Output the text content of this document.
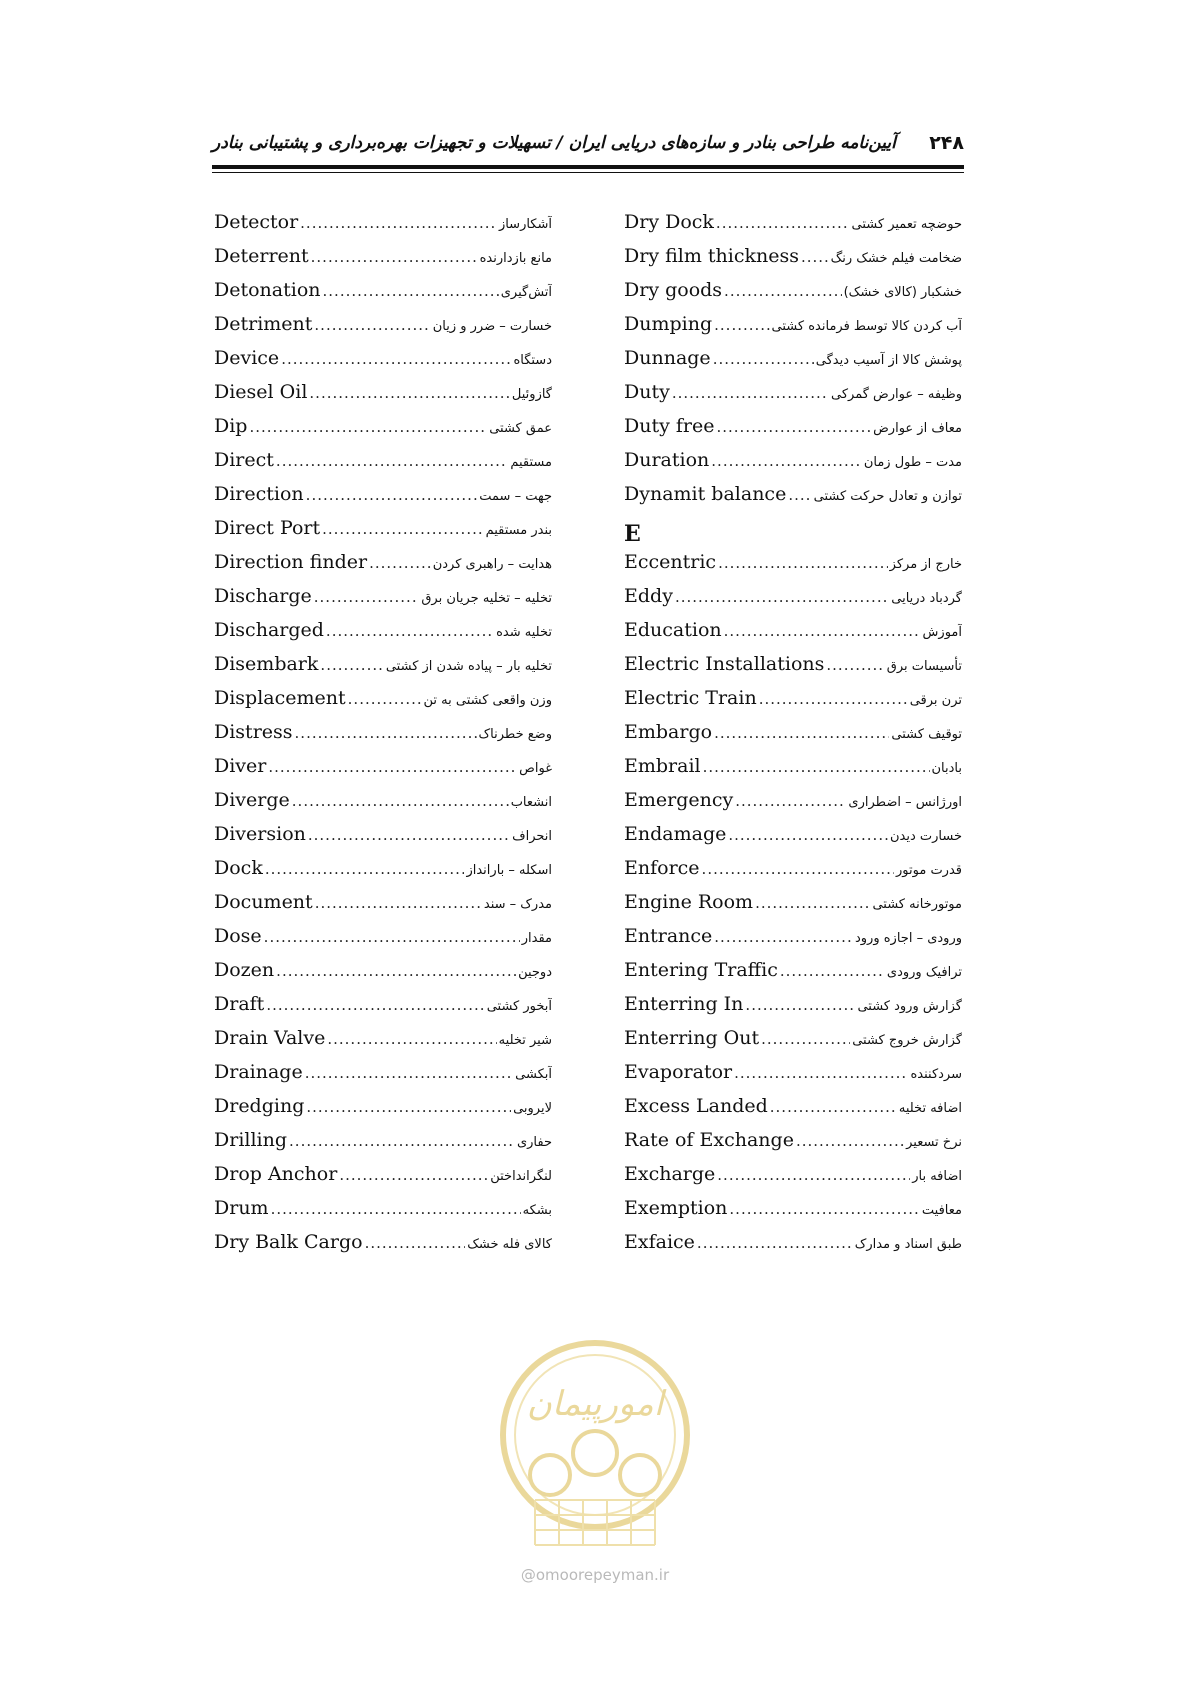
۲۴۸
آیین‌نامه طراحی بنادر و سازه‌های دریایی ایران / تسهیلات و تجهیزات بهره‌برداری و پشتیبانی بنادر
Detector .....	آشکارساز
Deterrent .....	مانع بازدارنده
Detonation .....	آتش‌گیری
Detriment .....	خسارت – ضرر و زیان
Device .....	دستگاه
Diesel Oil .....	گازوئیل
Dip .....	عمق کشتی
Direct .....	مستقیم
Direction .....	جهت – سمت
Direct Port .....	بندر مستقیم
Direction finder .....	هدایت – راهبری کردن
Discharge .....	تخلیه – تخلیه جریان برق
Discharged .....	تخلیه شده
Disembark .....	تخلیه بار – پیاده شدن از کشتی
Displacement .....	وزن واقعی کشتی به تن
Distress .....	وضع خطرناک
Diver .....	غواص
Diverge .....	انشعاب
Diversion .....	انحراف
Dock .....	اسکله – بارانداز
Document .....	مدرک – سند
Dose .....	مقدار
Dozen .....	دوجین
Draft .....	آبخور کشتی
Drain Valve .....	شیر تخلیه
Drainage .....	آبکشی
Dredging .....	لایروبی
Drilling .....	حفاری
Drop Anchor .....	لنگرانداختن
Drum .....	بشکه
Dry Balk Cargo .....	کالای فله خشک
Dry Dock .....	حوضچه تعمیر کشتی
Dry film thickness ..... ضخامت فیلم خشک رنگ
Dry goods .....	خشکبار (کالای خشک)
Dumping .....	آب کردن کالا توسط فرمانده کشتی
Dunnage .....	پوشش کالا از آسیب دیدگی
Duty .....	وظیفه – عوارض گمرکی
Duty free .....	معاف از عوارض
Duration .....	مدت – طول زمان
Dynamit balance ..... توازن و تعادل حرکت کشتی
E
Eccentric .....	خارج از مرکز
Eddy .....	گردباد دریایی
Education .....	آموزش
Electric Installations .....	تأسیسات برق
Electric Train .....	ترن برقی
Embargo .....	توقیف کشتی
Embrail .....	بادبان
Emergency .....	اورژانس – اضطراری
Endamage .....	خسارت دیدن
Enforce .....	قدرت موتور
Engine Room .....	موتورخانه کشتی
Entrance .....	ورودی – اجازه ورود
Entering Traffic .....	ترافیک ورودی
Enterring In .....	گزارش ورود کشتی
Enterring Out .....	گزارش خروج کشتی
Evaporator .....	سردکننده
Excess Landed .....	اضافه تخلیه
Rate of Exchange .....	نرخ تسعیر
Excharge .....	اضافه بار
Exemption .....	معافیت
Exfaice .....	طبق اسناد و مدارک
امورپیمان
@omoorepeyman.ir
